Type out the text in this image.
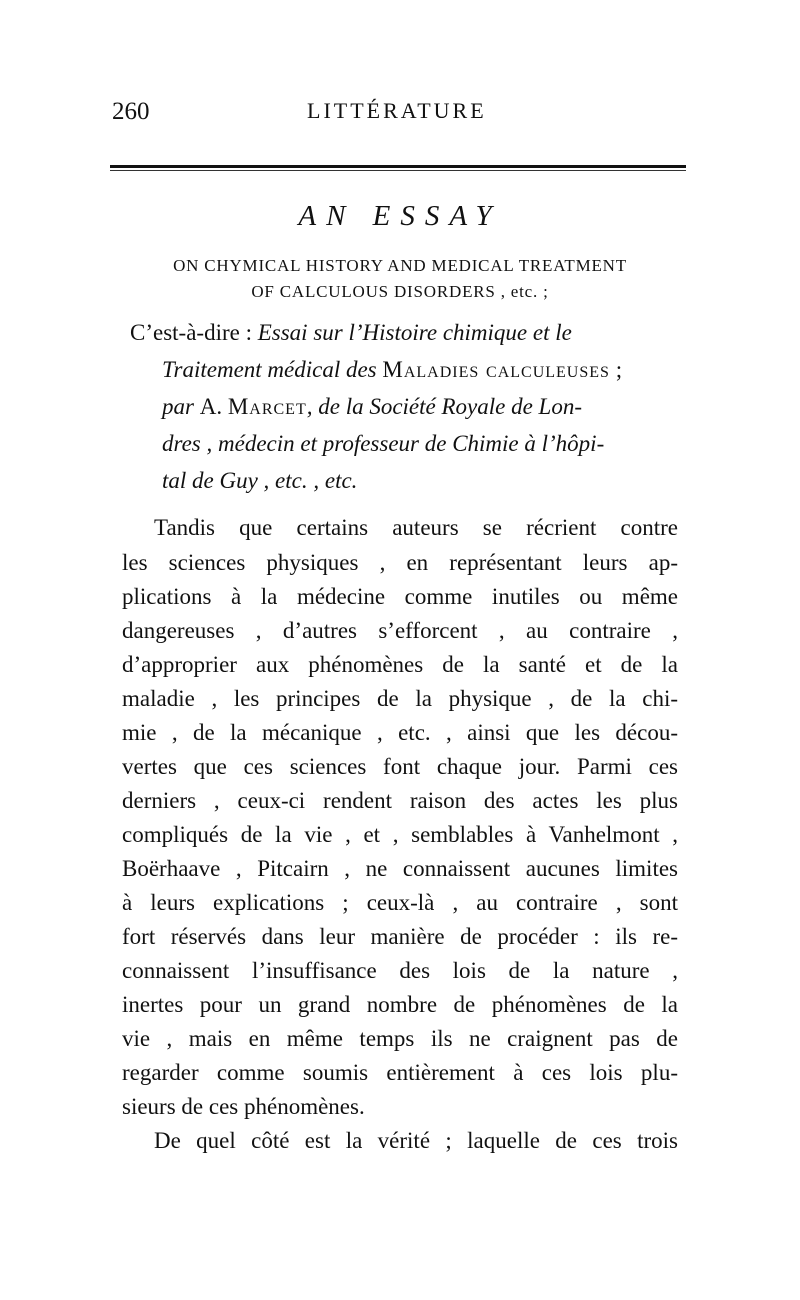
260	LITTÉRATURE
AN ESSAY
ON CHYMICAL HISTORY AND MEDICAL TREATMENT
OF CALCULOUS DISORDERS , etc. ;
C’est-à-dire : Essai sur l’Histoire chimique et le
Traitement médical des Maladies calculeuses ;
par A. Marcet, de la Société Royale de Lon-
dres , médecin et professeur de Chimie à l’hôpi-
tal de Guy , etc. , etc.
Tandis que certains auteurs se récrient contre
les sciences physiques , en représentant leurs ap-
plications à la médecine comme inutiles ou même
dangereuses , d’autres s’efforcent , au contraire ,
d’approprier aux phénomènes de la santé et de la
maladie , les principes de la physique , de la chi-
mie , de la mécanique , etc. , ainsi que les décou-
vertes que ces sciences font chaque jour. Parmi ces
derniers , ceux-ci rendent raison des actes les plus
compliqués de la vie , et , semblables à Vanhelmont ,
Boërhaave , Pitcairn , ne connaissent aucunes limites
à leurs explications ; ceux-là , au contraire , sont
fort réservés dans leur manière de procéder : ils re-
connaissent l’insuffisance des lois de la nature ,
inertes pour un grand nombre de phénomènes de la
vie , mais en même temps ils ne craignent pas de
regarder comme soumis entièrement à ces lois plu-
sieurs de ces phénomènes.
De quel côté est la vérité ; laquelle de ces trois
